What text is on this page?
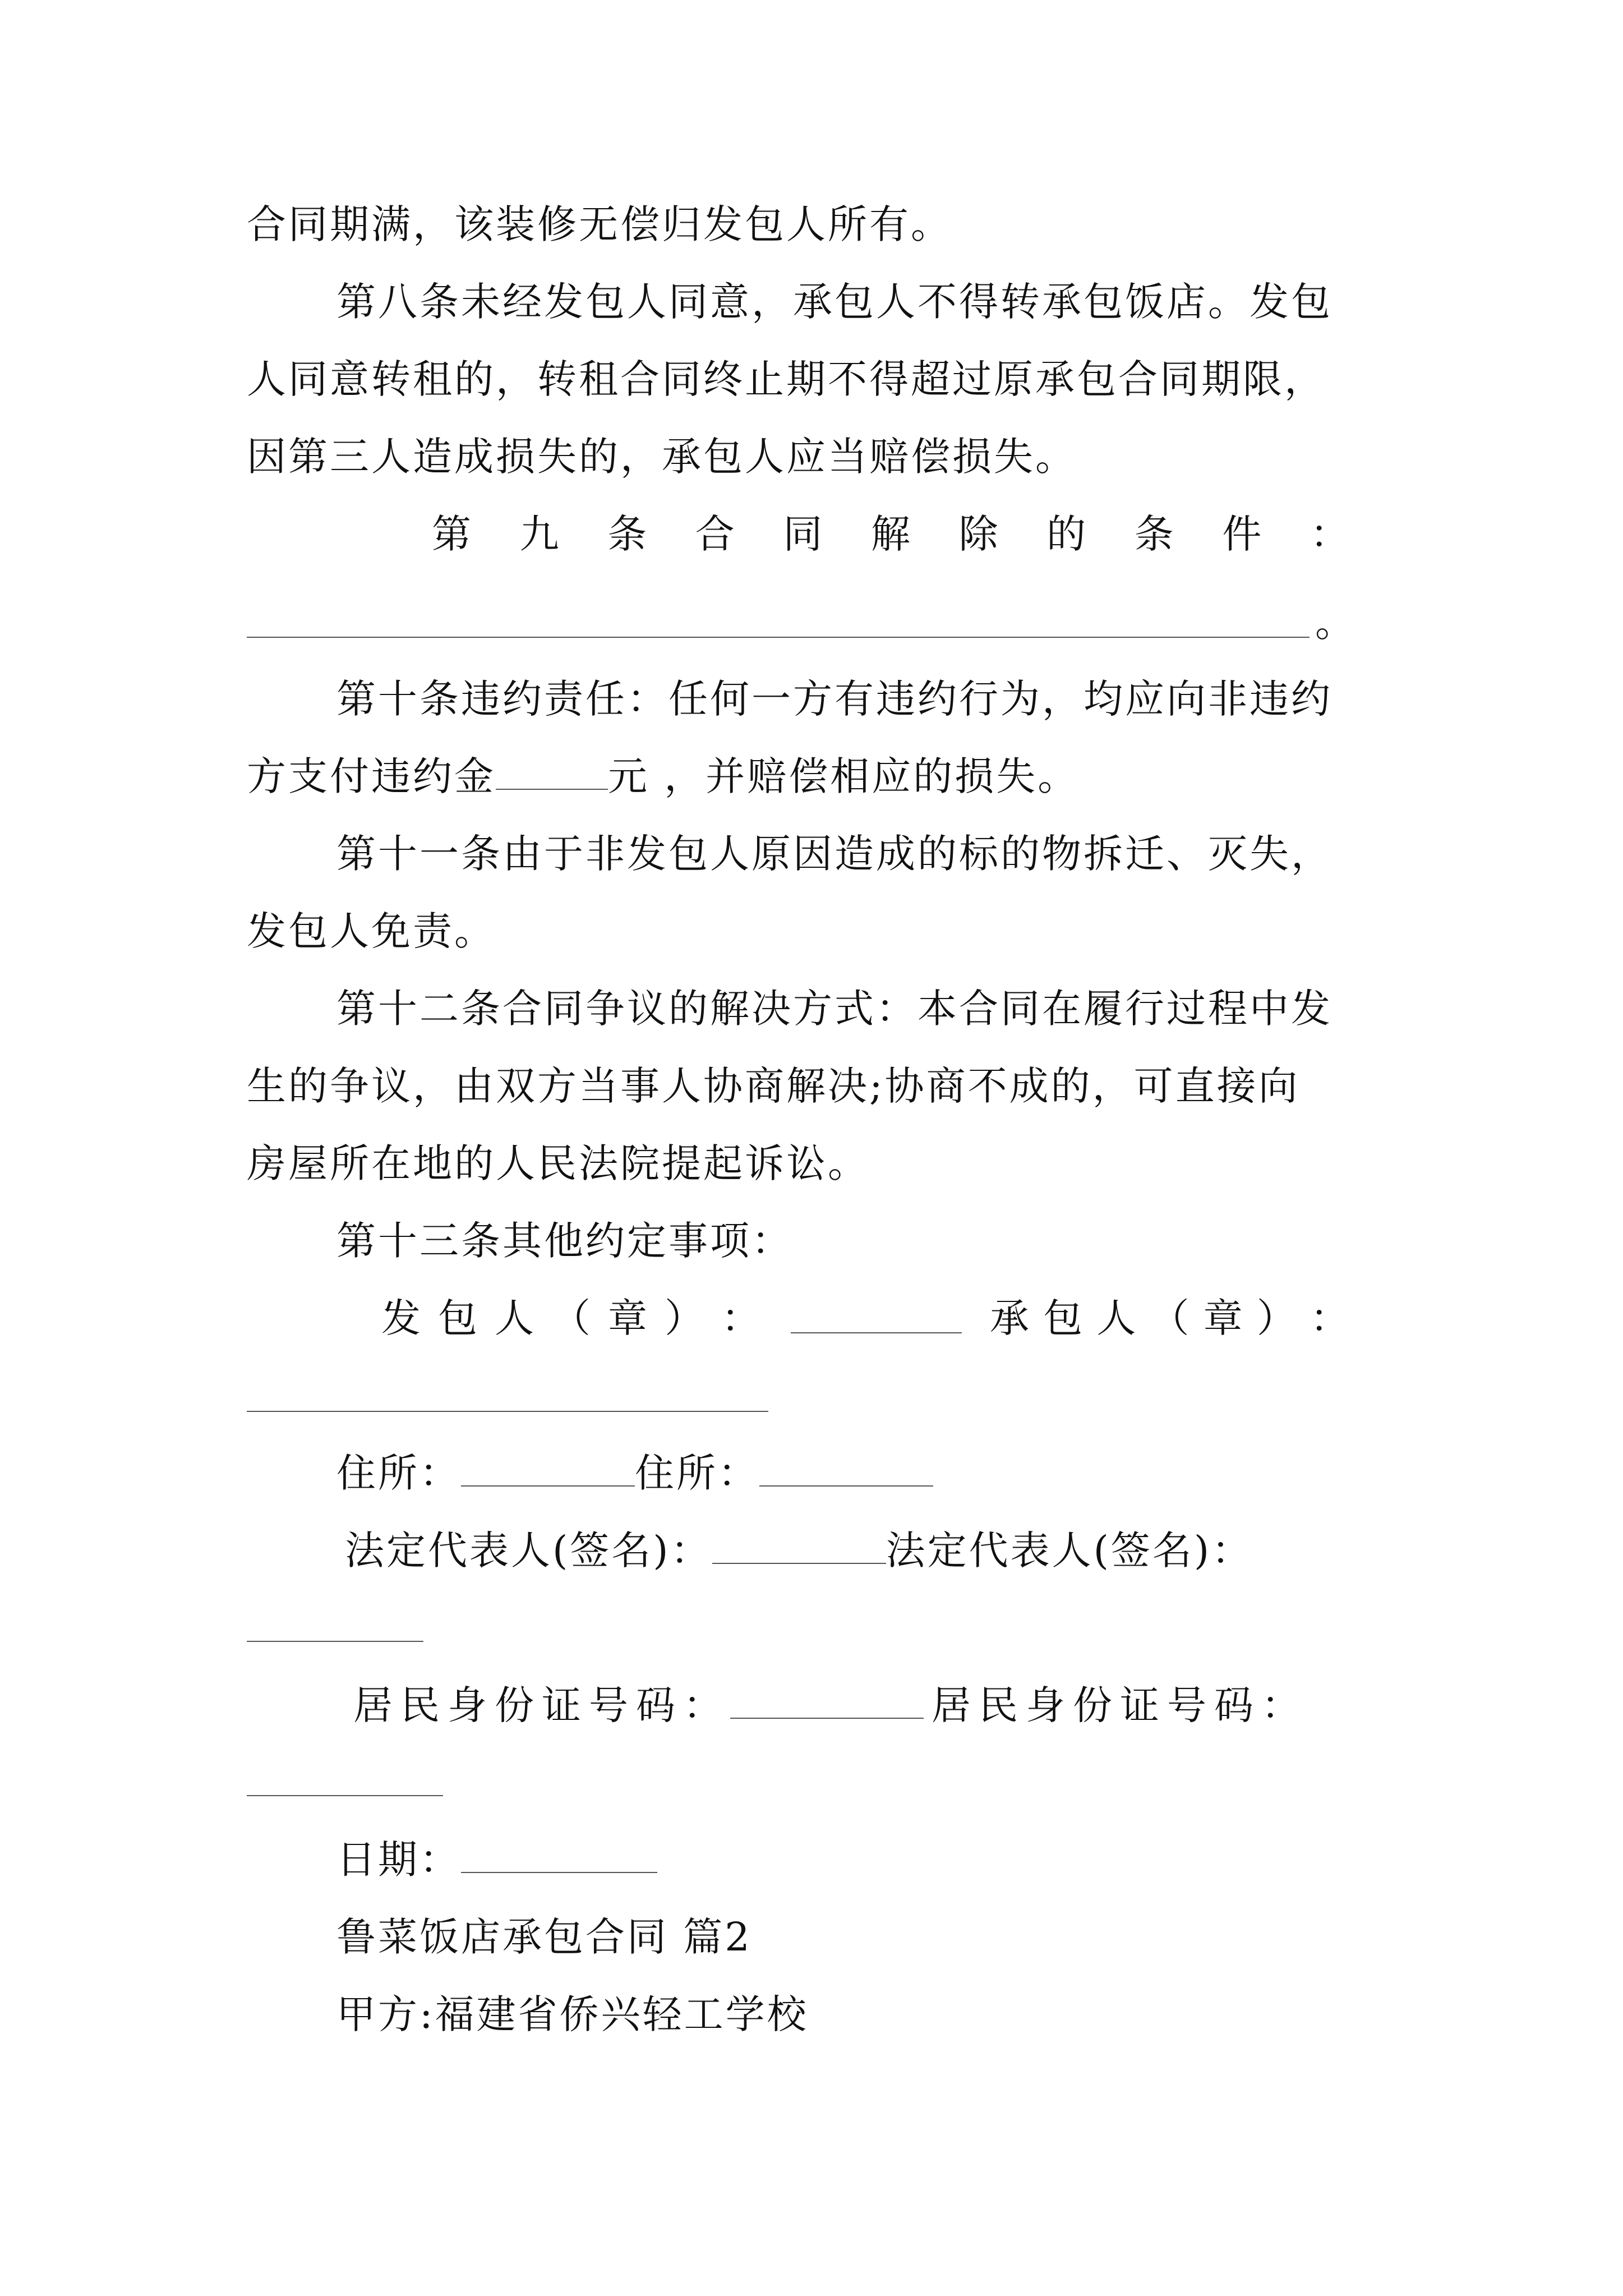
合同期满，该装修无偿归发包人所有。
第八条未经发包人同意，承包人不得转承包饭店。发包
人同意转租的，转租合同终止期不得超过原承包合同期限，
因第三人造成损失的，承包人应当赔偿损失。
第 九 条 合 同 解 除 的 条 件 ：
。
第十条违约责任：任何一方有违约行为，均应向非违约
方支付违约金	元 ，并赔偿相应的损失。
第十一条由于非发包人原因造成的标的物拆迁、灭失，
发包人免责。
第十二条合同争议的解决方式：本合同在履行过程中发
生的争议，由双方当事人协商解决;协商不成的，可直接向
房屋所在地的人民法院提起诉讼。
第十三条其他约定事项：
发 包 人 （ 章 ） ：	承 包 人 （ 章 ） ：
住所：	住所：
法定代表人(签名)：	法定代表人(签名)：
居民身份证号码：	居民身份证号码：
日期：
鲁菜饭店承包合同 篇2
甲方:福建省侨兴轻工学校
